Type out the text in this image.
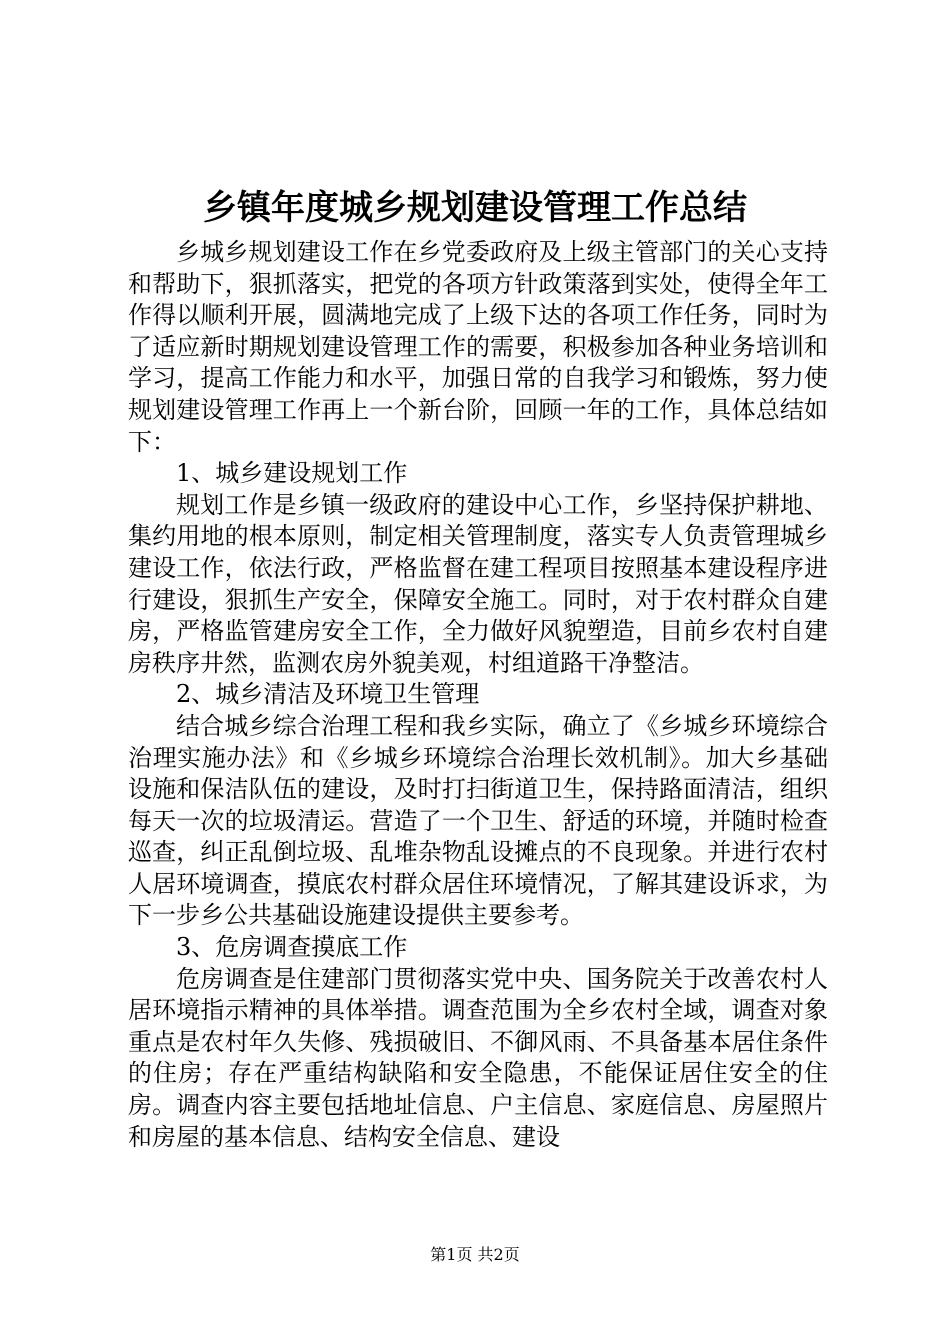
乡镇年度城乡规划建设管理工作总结

乡城乡规划建设工作在乡党委政府及上级主管部门的关心支持和帮助下，狠抓落实，把党的各项方针政策落到实处，使得全年工作得以顺利开展，圆满地完成了上级下达的各项工作任务，同时为了适应新时期规划建设管理工作的需要，积极参加各种业务培训和学习，提高工作能力和水平，加强日常的自我学习和锻炼，努力使规划建设管理工作再上一个新台阶，回顾一年的工作，具体总结如下：

1、城乡建设规划工作

规划工作是乡镇一级政府的建设中心工作，乡坚持保护耕地、集约用地的根本原则，制定相关管理制度，落实专人负责管理城乡建设工作，依法行政，严格监督在建工程项目按照基本建设程序进行建设，狠抓生产安全，保障安全施工。同时，对于农村群众自建房，严格监管建房安全工作，全力做好风貌塑造，目前乡农村自建房秩序井然，监测农房外貌美观，村组道路干净整洁。

2、城乡清洁及环境卫生管理

结合城乡综合治理工程和我乡实际，确立了《乡城乡环境综合治理实施办法》和《乡城乡环境综合治理长效机制》。加大乡基础设施和保洁队伍的建设，及时打扫街道卫生，保持路面清洁，组织每天一次的垃圾清运。营造了一个卫生、舒适的环境，并随时检查巡查，纠正乱倒垃圾、乱堆杂物乱设摊点的不良现象。并进行农村人居环境调查，摸底农村群众居住环境情况，了解其建设诉求，为下一步乡公共基础设施建设提供主要参考。

3、危房调查摸底工作

危房调查是住建部门贯彻落实党中央、国务院关于改善农村人居环境指示精神的具体举措。调查范围为全乡农村全域，调查对象重点是农村年久失修、残损破旧、不御风雨、不具备基本居住条件的住房；存在严重结构缺陷和安全隐患，不能保证居住安全的住房。调查内容主要包括地址信息、户主信息、家庭信息、房屋照片和房屋的基本信息、结构安全信息、建设

第1页 共2页
